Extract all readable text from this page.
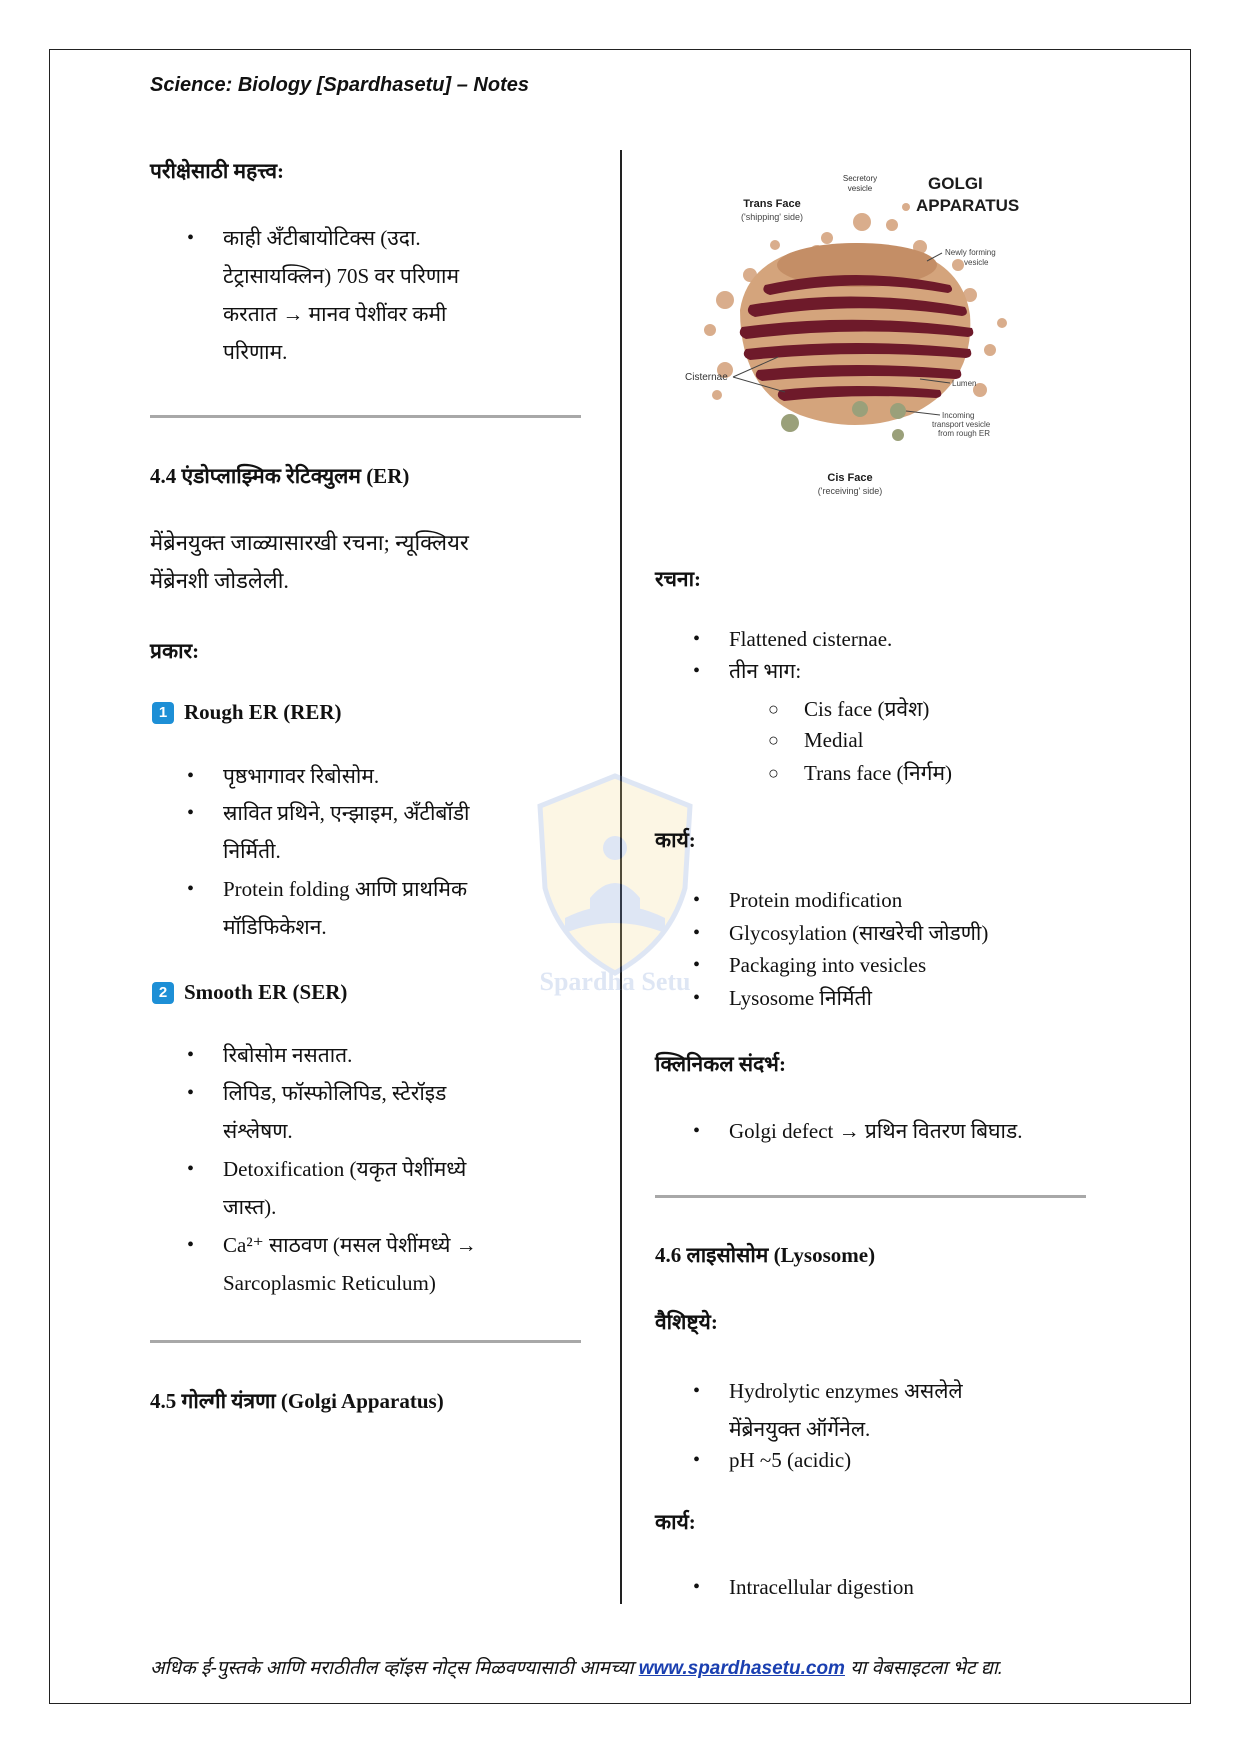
Science: Biology [Spardhasetu] – Notes
Spardha Setu
परीक्षेसाठी महत्त्व:
• काही अँटीबायोटिक्स (उदा.
टेट्रासायक्लिन) 70S वर परिणाम
करतात → मानव पेशींवर कमी
परिणाम.
4.4 एंडोप्लाझ्मिक रेटिक्युलम (ER)
मेंब्रेनयुक्त जाळ्यासारखी रचना; न्यूक्लियर
मेंब्रेनशी जोडलेली.
प्रकार:
1 Rough ER (RER)
• पृष्ठभागावर रिबोसोम.
• स्रावित प्रथिने, एन्झाइम, अँटीबॉडी
निर्मिती.
• Protein folding आणि प्राथमिक
मॉडिफिकेशन.
2 Smooth ER (SER)
• रिबोसोम नसतात.
• लिपिड, फॉस्फोलिपिड, स्टेरॉइड
संश्लेषण.
• Detoxification (यकृत पेशींमध्ये
जास्त).
• Ca²⁺ साठवण (मसल पेशींमध्ये →
Sarcoplasmic Reticulum)
4.5 गोल्गी यंत्रणा (Golgi Apparatus)
GOLGI
APPARATUS
Secretory
vesicle
Trans Face
('shipping' side)
Newly forming
vesicle
Cisternae
Lumen
Incoming
transport vesicle
from rough ER
Cis Face
('receiving' side)
रचना:
• Flattened cisternae.
• तीन भाग:
○ Cis face (प्रवेश)
○ Medial
○ Trans face (निर्गम)
कार्य:
• Protein modification
• Glycosylation (साखरेची जोडणी)
• Packaging into vesicles
• Lysosome निर्मिती
क्लिनिकल संदर्भ:
• Golgi defect → प्रथिन वितरण बिघाड.
4.6 लाइसोसोम (Lysosome)
वैशिष्ट्ये:
• Hydrolytic enzymes असलेले
मेंब्रेनयुक्त ऑर्गेनेल.
• pH ~5 (acidic)
कार्य:
• Intracellular digestion
अधिक ई-पुस्तके आणि मराठीतील व्हॉइस नोट्स मिळवण्यासाठी आमच्या www.spardhasetu.com या वेबसाइटला भेट द्या.
